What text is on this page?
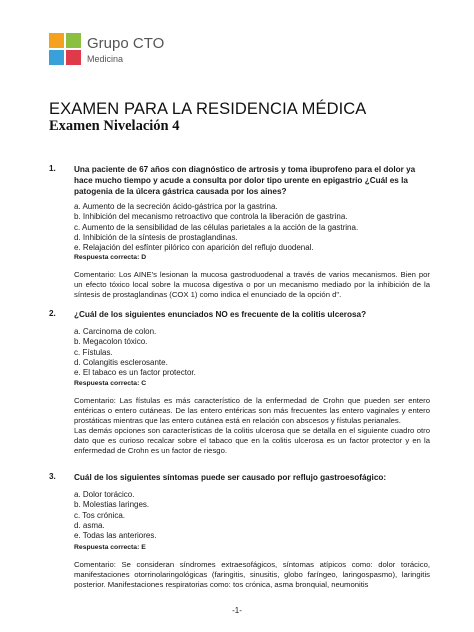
Grupo CTO
Medicina
EXAMEN PARA LA RESIDENCIA MÉDICA
Examen Nivelación 4
1. Una paciente de 67 años con diagnóstico de artrosis y toma ibuprofeno para el dolor ya hace mucho tiempo y acude a consulta por dolor tipo urente en epigastrio ¿Cuál es la patogenia de la úlcera gástrica causada por los aines?
a. Aumento de la secreción ácido-gástrica por la gastrina.
b. Inhibición del mecanismo retroactivo que controla la liberación de gastrina.
c. Aumento de la sensibilidad de las células parietales a la acción de la gastrina.
d. Inhibición de la síntesis de prostaglandinas.
e. Relajación del esfínter pilórico con aparición del reflujo duodenal.
Respuesta correcta: D

Comentario: Los AINE's lesionan la mucosa gastroduodenal a través de varios mecanismos. Bien por un efecto tóxico local sobre la mucosa digestiva o por un mecanismo mediado por la inhibición de la síntesis de prostaglandinas (COX 1) como indica el enunciado de la opción d".

2. ¿Cuál de los siguientes enunciados NO es frecuente de la colitis ulcerosa?
a. Carcinoma de colon.
b. Megacolon tóxico.
c. Fístulas.
d. Colangitis esclerosante.
e. El tabaco es un factor protector.
Respuesta correcta: C

Comentario: Las fístulas es más característico de la enfermedad de Crohn que pueden ser entero entéricas o entero cutáneas. De las entero entéricas son más frecuentes las entero vaginales y entero prostáticas mientras que las entero cutánea está en relación con abscesos y fístulas perianales.

Las demás opciones son características de la colitis ulcerosa que se detalla en el siguiente cuadro otro dato que es curioso recalcar sobre el tabaco que en la colitis ulcerosa es un factor protector y en la enfermedad de Crohn es un factor de riesgo.

3. Cuál de los siguientes síntomas puede ser causado por reflujo gastroesofágico:
a. Dolor torácico.
b. Molestias laringes.
c. Tos crónica.
d. asma.
e. Todas las anteriores.
Respuesta correcta: E

Comentario: Se consideran síndromes extraesofágicos, síntomas atípicos como: dolor torácico, manifestaciones otorrinolaringológicas (faringitis, sinusitis, globo faríngeo, laringospasmo), laringitis posterior. Manifestaciones respiratorias como: tos crónica, asma bronquial, neumonitis

-1-
